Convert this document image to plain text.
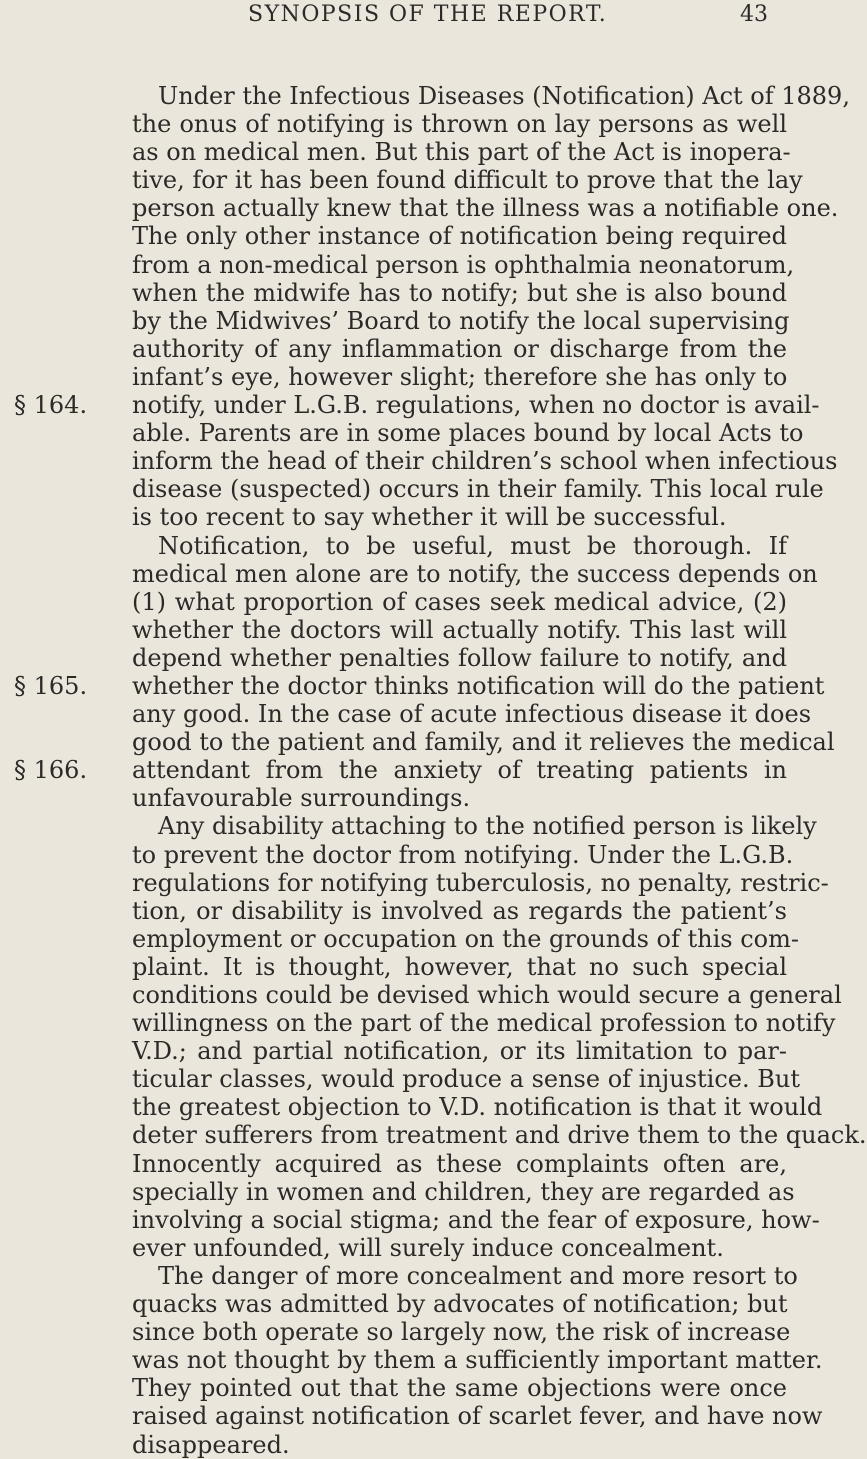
SYNOPSIS OF THE REPORT.	43
§ 164.
§ 165.
§ 166.
Under the Infectious Diseases (Notification) Act of 1889,
the onus of notifying is thrown on lay persons as well
as on medical men. But this part of the Act is inopera-
tive, for it has been found difficult to prove that the lay
person actually knew that the illness was a notifiable one.
The only other instance of notification being required
from a non-medical person is ophthalmia neonatorum,
when the midwife has to notify; but she is also bound
by the Midwives’ Board to notify the local supervising
authority of any inflammation or discharge from the
infant’s eye, however slight; therefore she has only to
notify, under L.G.B. regulations, when no doctor is avail-
able. Parents are in some places bound by local Acts to
inform the head of their children’s school when infectious
disease (suspected) occurs in their family. This local rule
is too recent to say whether it will be successful.
Notification, to be useful, must be thorough. If
medical men alone are to notify, the success depends on
(1) what proportion of cases seek medical advice, (2)
whether the doctors will actually notify. This last will
depend whether penalties follow failure to notify, and
whether the doctor thinks notification will do the patient
any good. In the case of acute infectious disease it does
good to the patient and family, and it relieves the medical
attendant from the anxiety of treating patients in
unfavourable surroundings.
Any disability attaching to the notified person is likely
to prevent the doctor from notifying. Under the L.G.B.
regulations for notifying tuberculosis, no penalty, restric-
tion, or disability is involved as regards the patient’s
employment or occupation on the grounds of this com-
plaint. It is thought, however, that no such special
conditions could be devised which would secure a general
willingness on the part of the medical profession to notify
V.D.; and partial notification, or its limitation to par-
ticular classes, would produce a sense of injustice. But
the greatest objection to V.D. notification is that it would
deter sufferers from treatment and drive them to the quack.
Innocently acquired as these complaints often are,
specially in women and children, they are regarded as
involving a social stigma; and the fear of exposure, how-
ever unfounded, will surely induce concealment.
The danger of more concealment and more resort to
quacks was admitted by advocates of notification; but
since both operate so largely now, the risk of increase
was not thought by them a sufficiently important matter.
They pointed out that the same objections were once
raised against notification of scarlet fever, and have now
disappeared.
